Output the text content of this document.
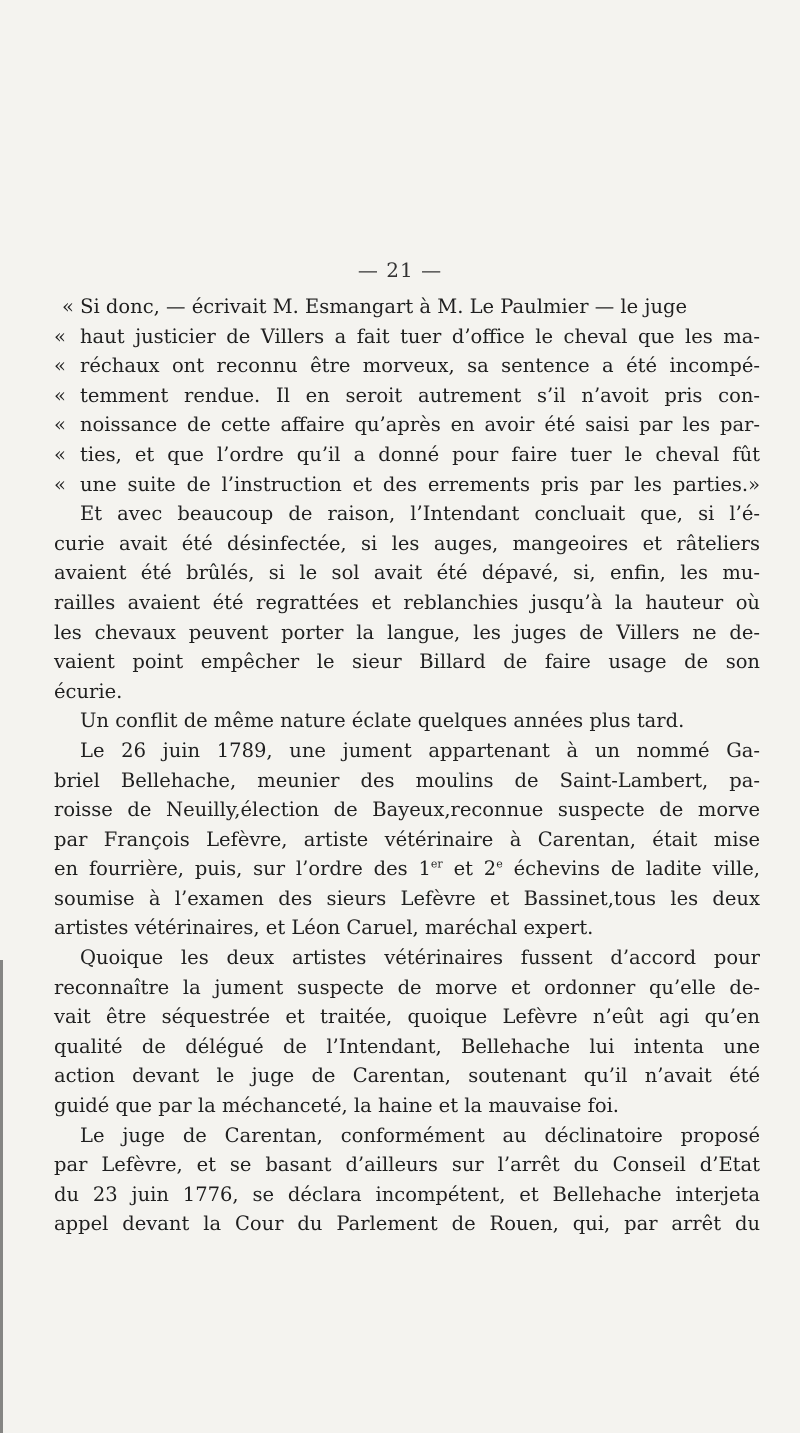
— 21 —
« Si donc, — écrivait M. Esmangart à M. Le Paulmier — le juge
« haut justicier de Villers a fait tuer d’office le cheval que les ma-
« réchaux ont reconnu être morveux, sa sentence a été incompé-
« temment rendue. Il en seroit autrement s’il n’avoit pris con-
« noissance de cette affaire qu’après en avoir été saisi par les par-
« ties, et que l’ordre qu’il a donné pour faire tuer le cheval fût
« une suite de l’instruction et des errements pris par les parties.»
Et avec beaucoup de raison, l’Intendant concluait que, si l’é-
curie avait été désinfectée, si les auges, mangeoires et râteliers
avaient été brûlés, si le sol avait été dépavé, si, enfin, les mu-
railles avaient été regrattées et reblanchies jusqu’à la hauteur où
les chevaux peuvent porter la langue, les juges de Villers ne de-
vaient point empêcher le sieur Billard de faire usage de son
écurie.
Un conflit de même nature éclate quelques années plus tard.
Le 26 juin 1789, une jument appartenant à un nommé Ga-
briel Bellehache, meunier des moulins de Saint-Lambert, pa-
roisse de Neuilly,élection de Bayeux,reconnue suspecte de morve
par François Lefèvre, artiste vétérinaire à Carentan, était mise
en fourrière, puis, sur l’ordre des 1er et 2e échevins de ladite ville,
soumise à l’examen des sieurs Lefèvre et Bassinet,tous les deux
artistes vétérinaires, et Léon Caruel, maréchal expert.
Quoique les deux artistes vétérinaires fussent d’accord pour
reconnaître la jument suspecte de morve et ordonner qu’elle de-
vait être séquestrée et traitée, quoique Lefèvre n’eût agi qu’en
qualité de délégué de l’Intendant, Bellehache lui intenta une
action devant le juge de Carentan, soutenant qu’il n’avait été
guidé que par la méchanceté, la haine et la mauvaise foi.
Le juge de Carentan, conformément au déclinatoire proposé
par Lefèvre, et se basant d’ailleurs sur l’arrêt du Conseil d’Etat
du 23 juin 1776, se déclara incompétent, et Bellehache interjeta
appel devant la Cour du Parlement de Rouen, qui, par arrêt du
